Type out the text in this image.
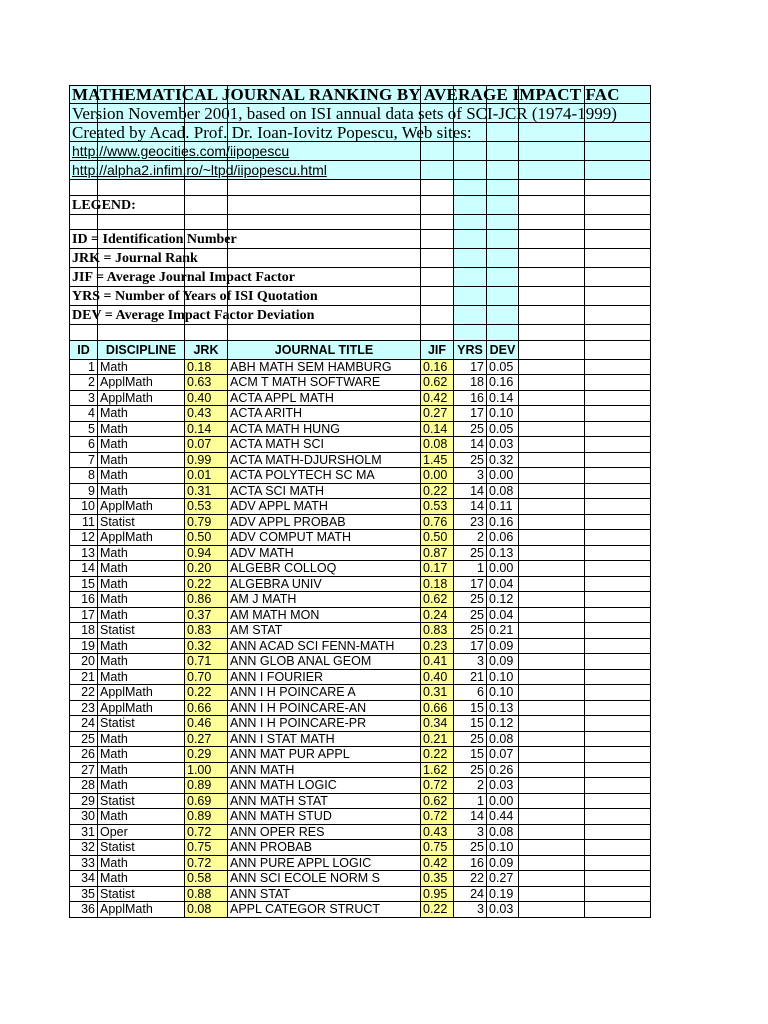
MATHEMATICAL JOURNAL RANKING BY AVERAGE IMPACT FAC
Version November 2001, based on ISI annual data sets of SCI-JCR (1974-1999)
Created by Acad. Prof. Dr. Ioan-Iovitz Popescu, Web sites:
http://www.geocities.com/iipopescu
http://alpha2.infim.ro/~ltpd/iipopescu.html
LEGEND:
ID = Identification Number
JRK = Journal Rank
JIF = Average Journal Impact Factor
YRS = Number of Years of ISI Quotation
DEV = Average Impact Factor Deviation
ID	DISCIPLINE	JRK	JOURNAL TITLE	JIF YRS DEV
1 Math	0.18	ABH MATH SEM HAMBURG	0.16	17 0.05
2 ApplMath	0.63	ACM T MATH SOFTWARE	0.62	18 0.16
3 ApplMath	0.40	ACTA APPL MATH	0.42	16 0.14
4 Math	0.43	ACTA ARITH	0.27	17 0.10
5 Math	0.14	ACTA MATH HUNG	0.14	25 0.05
6 Math	0.07	ACTA MATH SCI	0.08	14 0.03
7 Math	0.99	ACTA MATH-DJURSHOLM	1.45	25 0.32
8 Math	0.01	ACTA POLYTECH SC MA	0.00	3 0.00
9 Math	0.31	ACTA SCI MATH	0.22	14 0.08
10 ApplMath	0.53	ADV APPL MATH	0.53	14 0.11
11 Statist	0.79	ADV APPL PROBAB	0.76	23 0.16
12 ApplMath	0.50	ADV COMPUT MATH	0.50	2 0.06
13 Math	0.94	ADV MATH	0.87	25 0.13
14 Math	0.20	ALGEBR COLLOQ	0.17	1 0.00
15 Math	0.22	ALGEBRA UNIV	0.18	17 0.04
16 Math	0.86	AM J MATH	0.62	25 0.12
17 Math	0.37	AM MATH MON	0.24	25 0.04
18 Statist	0.83	AM STAT	0.83	25 0.21
19 Math	0.32	ANN ACAD SCI FENN-MATH	0.23	17 0.09
20 Math	0.71	ANN GLOB ANAL GEOM	0.41	3 0.09
21 Math	0.70	ANN I FOURIER	0.40	21 0.10
22 ApplMath	0.22	ANN I H POINCARE A	0.31	6 0.10
23 ApplMath	0.66	ANN I H POINCARE-AN	0.66	15 0.13
24 Statist	0.46	ANN I H POINCARE-PR	0.34	15 0.12
25 Math	0.27	ANN I STAT MATH	0.21	25 0.08
26 Math	0.29	ANN MAT PUR APPL	0.22	15 0.07
27 Math	1.00	ANN MATH	1.62	25 0.26
28 Math	0.89	ANN MATH LOGIC	0.72	2 0.03
29 Statist	0.69	ANN MATH STAT	0.62	1 0.00
30 Math	0.89	ANN MATH STUD	0.72	14 0.44
31 Oper	0.72	ANN OPER RES	0.43	3 0.08
32 Statist	0.75	ANN PROBAB	0.75	25 0.10
33 Math	0.72	ANN PURE APPL LOGIC	0.42	16 0.09
34 Math	0.58	ANN SCI ECOLE NORM S	0.35	22 0.27
35 Statist	0.88	ANN STAT	0.95	24 0.19
36 ApplMath	0.08	APPL CATEGOR STRUCT	0.22	3 0.03
